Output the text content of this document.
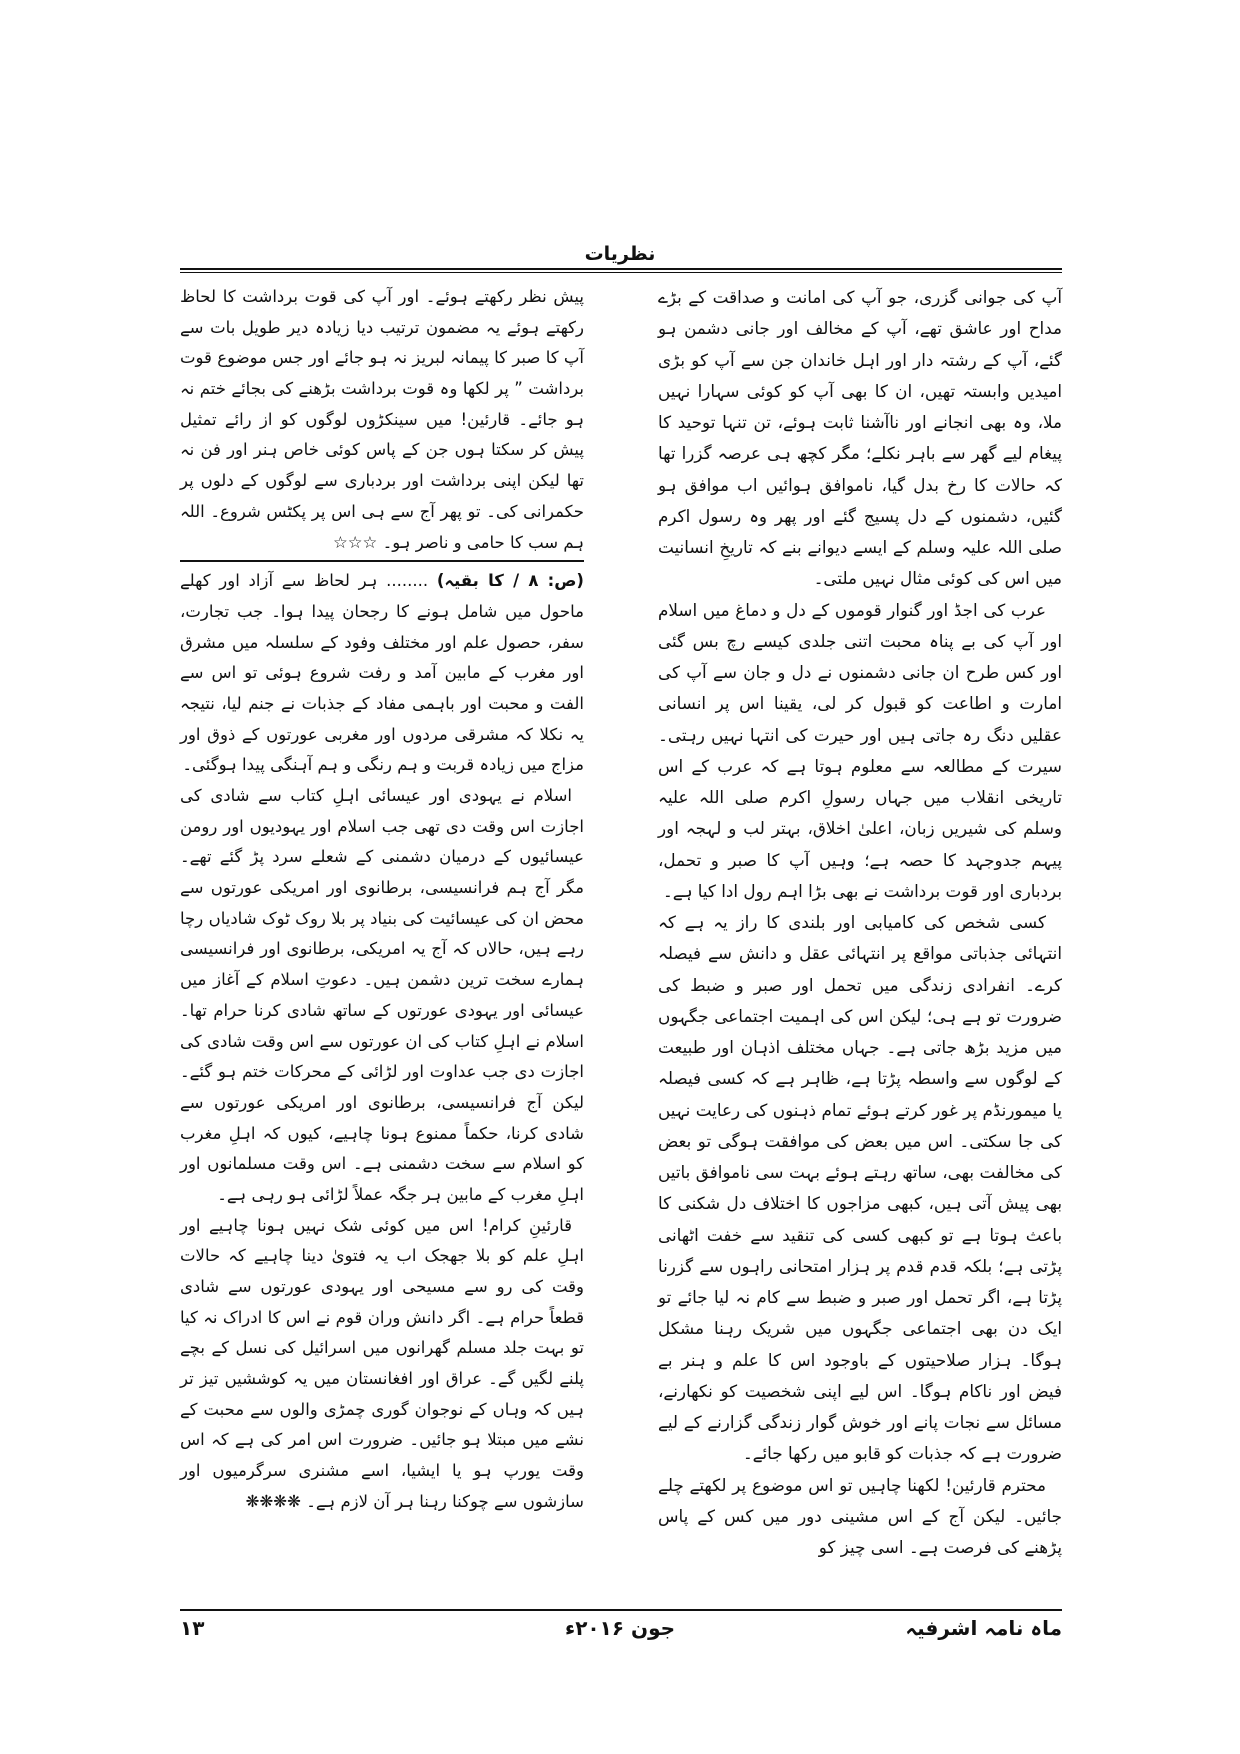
نظریات

آپ کی جوانی گزری، جو آپ کی امانت و صداقت کے بڑے مداح اور عاشق تھے، آپ کے مخالف اور جانی دشمن ہو گئے، آپ کے رشتہ دار اور اہل خاندان جن سے آپ کو بڑی امیدیں وابستہ تھیں، ان کا بھی آپ کو کوئی سہارا نہیں ملا، وہ بھی انجانے اور ناآشنا ثابت ہوئے، تن تنہا توحید کا پیغام لیے گھر سے باہر نکلے؛ مگر کچھ ہی عرصہ گزرا تھا کہ حالات کا رخ بدل گیا، ناموافق ہوائیں اب موافق ہو گئیں، دشمنوں کے دل پسیج گئے اور پھر وہ رسول اکرم صلی اللہ علیہ وسلم کے ایسے دیوانے بنے کہ تاریخِ انسانیت میں اس کی کوئی مثال نہیں ملتی۔

عرب کی اجڈ اور گنوار قوموں کے دل و دماغ میں اسلام اور آپ کی بے پناہ محبت اتنی جلدی کیسے رچ بس گئی اور کس طرح ان جانی دشمنوں نے دل و جان سے آپ کی امارت و اطاعت کو قبول کر لی، یقینا اس پر انسانی عقلیں دنگ رہ جاتی ہیں اور حیرت کی انتہا نہیں رہتی۔ سیرت کے مطالعہ سے معلوم ہوتا ہے کہ عرب کے اس تاریخی انقلاب میں جہاں رسولِ اکرم صلی اللہ علیہ وسلم کی شیریں زبان، اعلیٰ اخلاق، بہتر لب و لہجہ اور پیہم جدوجہد کا حصہ ہے؛ وہیں آپ کا صبر و تحمل، بردباری اور قوت برداشت نے بھی بڑا اہم رول ادا کیا ہے۔

کسی شخص کی کامیابی اور بلندی کا راز یہ ہے کہ انتہائی جذباتی مواقع پر انتہائی عقل و دانش سے فیصلہ کرے۔ انفرادی زندگی میں تحمل اور صبر و ضبط کی ضرورت تو ہے ہی؛ لیکن اس کی اہمیت اجتماعی جگہوں میں مزید بڑھ جاتی ہے۔ جہاں مختلف اذہان اور طبیعت کے لوگوں سے واسطہ پڑتا ہے، ظاہر ہے کہ کسی فیصلہ یا میمورنڈم پر غور کرتے ہوئے تمام ذہنوں کی رعایت نہیں کی جا سکتی۔ اس میں بعض کی موافقت ہوگی تو بعض کی مخالفت بھی، ساتھ رہتے ہوئے بہت سی ناموافق باتیں بھی پیش آتی ہیں، کبھی مزاجوں کا اختلاف دل شکنی کا باعث ہوتا ہے تو کبھی کسی کی تنقید سے خفت اٹھانی پڑتی ہے؛ بلکہ قدم قدم پر ہزار امتحانی راہوں سے گزرنا پڑتا ہے، اگر تحمل اور صبر و ضبط سے کام نہ لیا جائے تو ایک دن بھی اجتماعی جگہوں میں شریک رہنا مشکل ہوگا۔ ہزار صلاحیتوں کے باوجود اس کا علم و ہنر بے فیض اور ناکام ہوگا۔ اس لیے اپنی شخصیت کو نکھارنے، مسائل سے نجات پانے اور خوش گوار زندگی گزارنے کے لیے ضرورت ہے کہ جذبات کو قابو میں رکھا جائے۔

محترم قارئین! لکھنا چاہیں تو اس موضوع پر لکھتے چلے جائیں۔ لیکن آج کے اس مشینی دور میں کس کے پاس پڑھنے کی فرصت ہے۔ اسی چیز کو

پیش نظر رکھتے ہوئے۔ اور آپ کی قوت برداشت کا لحاظ رکھتے ہوئے یہ مضمون ترتیب دیا زیادہ دیر طویل بات سے آپ کا صبر کا پیمانہ لبریز نہ ہو جائے اور جس موضوع قوت برداشت ” پر لکھا وہ قوت برداشت بڑھنے کی بجائے ختم نہ ہو جائے۔ قارئین! میں سینکڑوں لوگوں کو از رائے تمثیل پیش کر سکتا ہوں جن کے پاس کوئی خاص ہنر اور فن نہ تھا لیکن اپنی برداشت اور بردباری سے لوگوں کے دلوں پر حکمرانی کی۔ تو پھر آج سے ہی اس پر پکٹس شروع۔ اللہ ہم سب کا حامی و ناصر ہو۔ ☆☆☆

(ص: ۸ / کا بقیہ) ........ ہر لحاظ سے آزاد اور کھلے ماحول میں شامل ہونے کا رجحان پیدا ہوا۔ جب تجارت، سفر، حصول علم اور مختلف وفود کے سلسلہ میں مشرق اور مغرب کے مابین آمد و رفت شروع ہوئی تو اس سے الفت و محبت اور باہمی مفاد کے جذبات نے جنم لیا، نتیجہ یہ نکلا کہ مشرقی مردوں اور مغربی عورتوں کے ذوق اور مزاج میں زیادہ قربت و ہم رنگی و ہم آہنگی پیدا ہوگئی۔

اسلام نے یہودی اور عیسائی اہلِ کتاب سے شادی کی اجازت اس وقت دی تھی جب اسلام اور یہودیوں اور رومن عیسائیوں کے درمیان دشمنی کے شعلے سرد پڑ گئے تھے۔ مگر آج ہم فرانسیسی، برطانوی اور امریکی عورتوں سے محض ان کی عیسائیت کی بنیاد پر بلا روک ٹوک شادیاں رچا رہے ہیں، حالاں کہ آج یہ امریکی، برطانوی اور فرانسیسی ہمارے سخت ترین دشمن ہیں۔ دعوتِ اسلام کے آغاز میں عیسائی اور یہودی عورتوں کے ساتھ شادی کرنا حرام تھا۔ اسلام نے اہلِ کتاب کی ان عورتوں سے اس وقت شادی کی اجازت دی جب عداوت اور لڑائی کے محرکات ختم ہو گئے۔ لیکن آج فرانسیسی، برطانوی اور امریکی عورتوں سے شادی کرنا، حکماً ممنوع ہونا چاہیے، کیوں کہ اہلِ مغرب کو اسلام سے سخت دشمنی ہے۔ اس وقت مسلمانوں اور اہلِ مغرب کے مابین ہر جگہ عملاً لڑائی ہو رہی ہے۔

قارئینِ کرام! اس میں کوئی شک نہیں ہونا چاہیے اور اہلِ علم کو بلا جھجک اب یہ فتویٰ دینا چاہیے کہ حالات وقت کی رو سے مسیحی اور یہودی عورتوں سے شادی قطعاً حرام ہے۔ اگر دانش وران قوم نے اس کا ادراک نہ کیا تو بہت جلد مسلم گھرانوں میں اسرائیل کی نسل کے بچے پلنے لگیں گے۔ عراق اور افغانستان میں یہ کوششیں تیز تر ہیں کہ وہاں کے نوجوان گوری چمڑی والوں سے محبت کے نشے میں مبتلا ہو جائیں۔ ضرورت اس امر کی ہے کہ اس وقت یورپ ہو یا ایشیا، اسے مشنری سرگرمیوں اور سازشوں سے چوکنا رہنا ہر آن لازم ہے۔ ❋❋❋❋

ماہ نامہ اشرفیہ
جون ۲۰۱۶ء
۱۳
